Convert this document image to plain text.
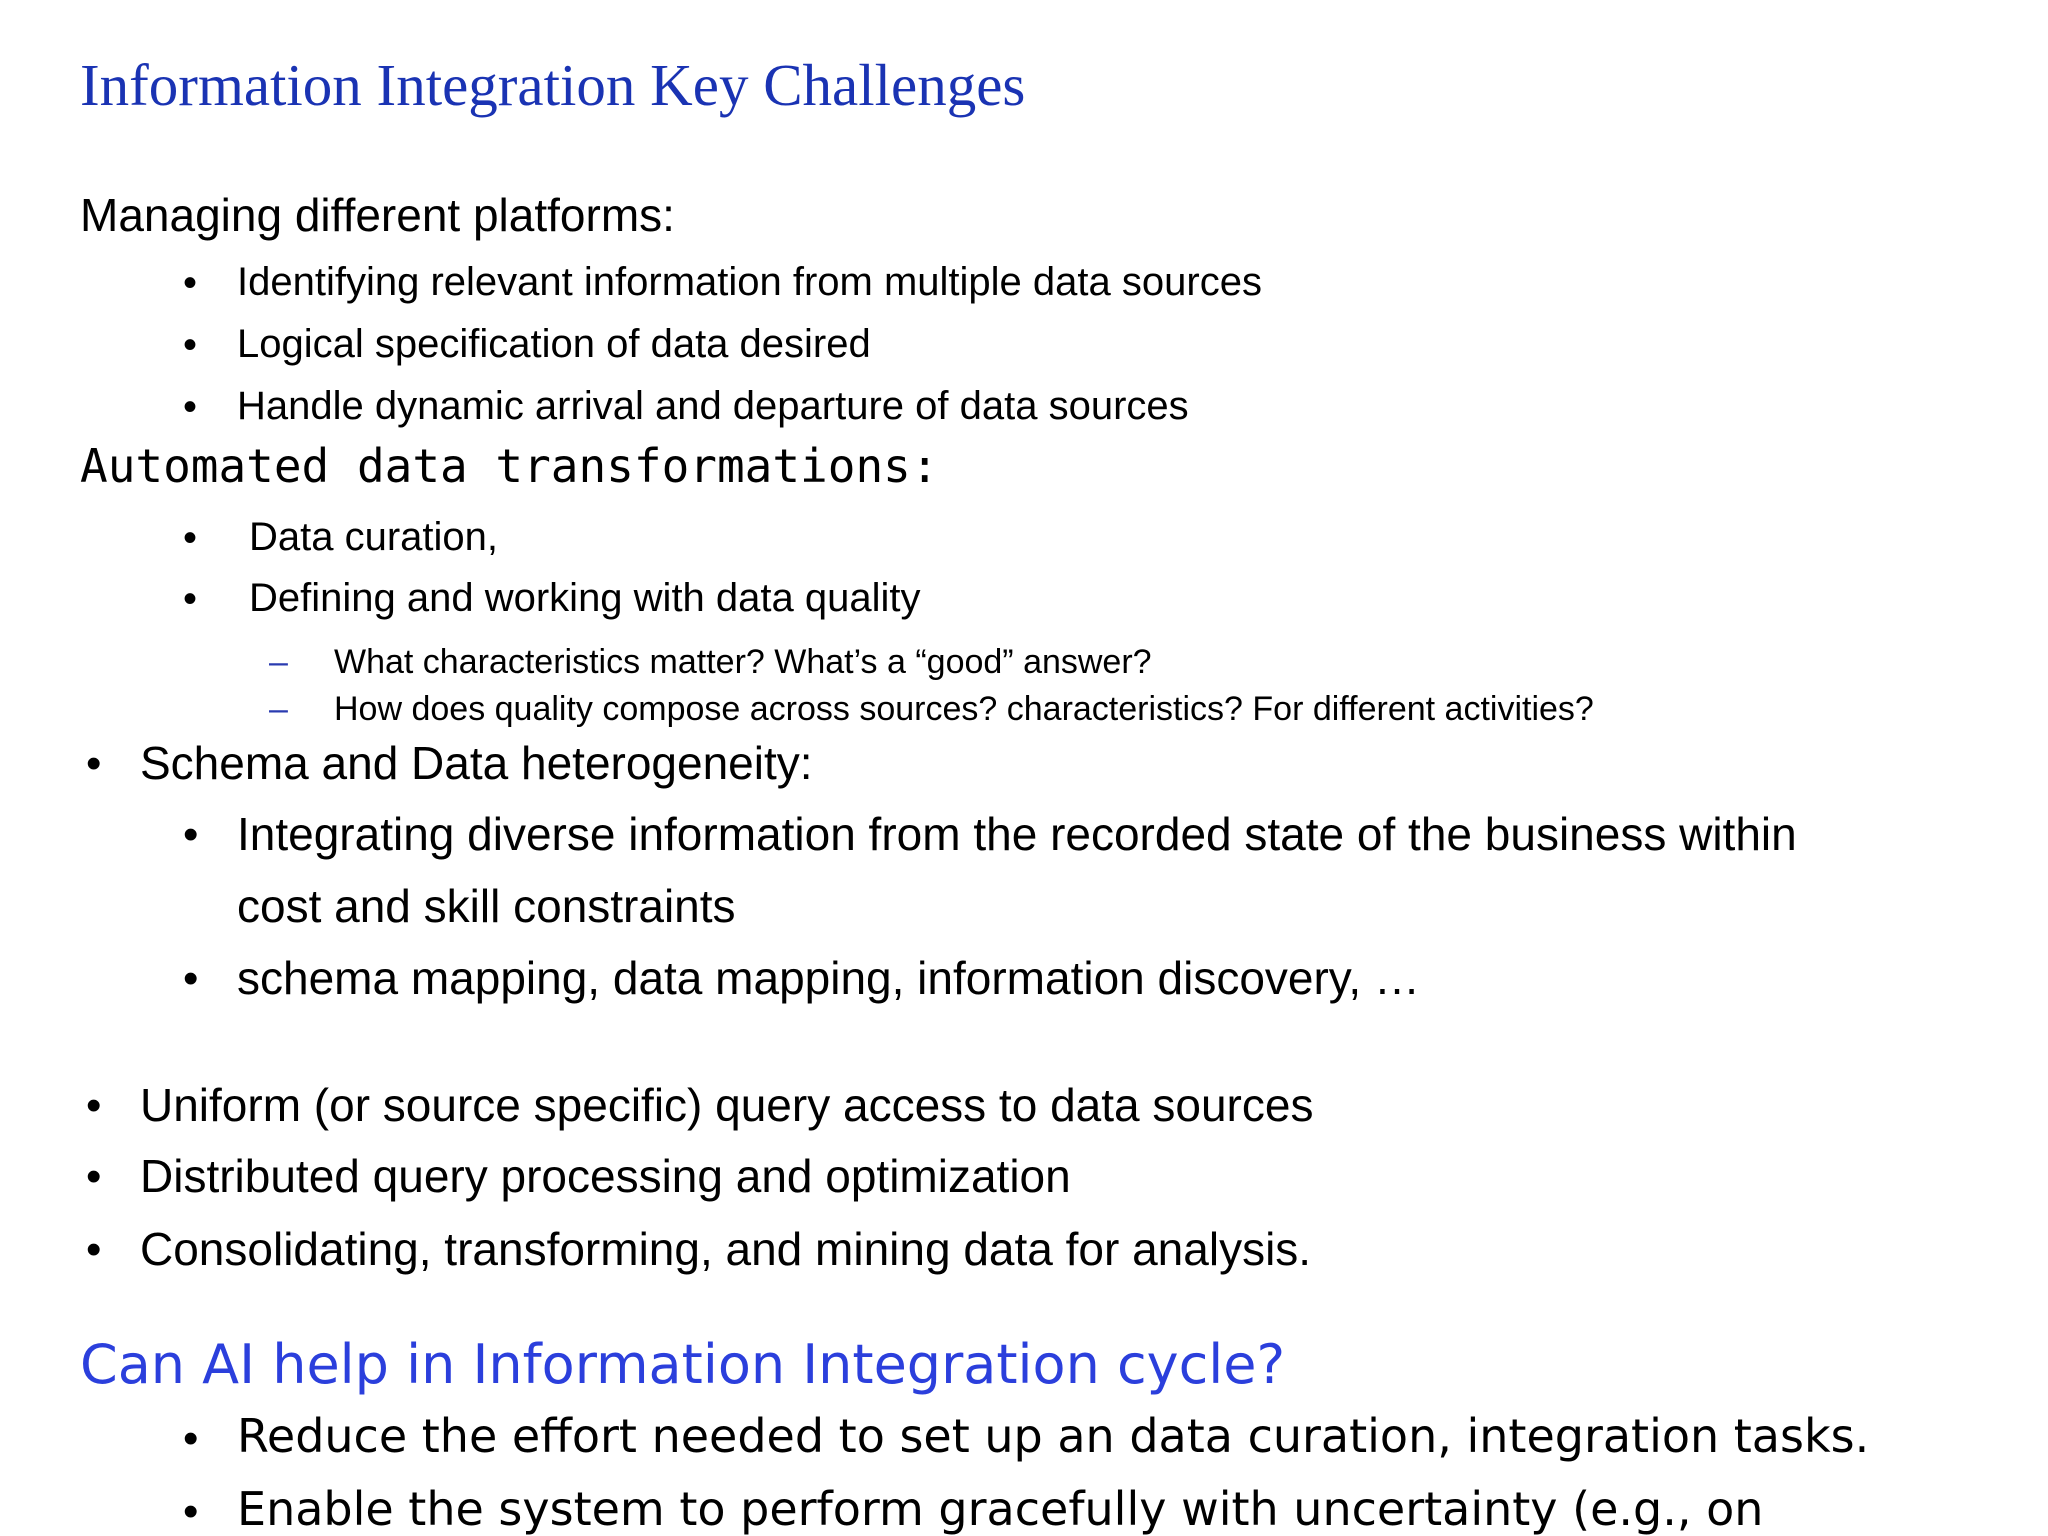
Information Integration Key Challenges
Managing different platforms:
• Identifying relevant information from multiple data sources
• Logical specification of data desired
• Handle dynamic arrival and departure of data sources
Automated data transformations:
• Data curation,
• Defining and working with data quality
– What characteristics matter? What’s a “good” answer?
– How does quality compose across sources? characteristics? For different activities?
• Schema and Data heterogeneity:
• Integrating diverse information from the recorded state of the business within
cost and skill constraints
• schema mapping, data mapping, information discovery, …
• Uniform (or source specific) query access to data sources
• Distributed query processing and optimization
• Consolidating, transforming, and mining data for analysis.
Can AI help in Information Integration cycle?
• Reduce the effort needed to set up an data curation, integration tasks.
• Enable the system to perform gracefully with uncertainty (e.g., on
